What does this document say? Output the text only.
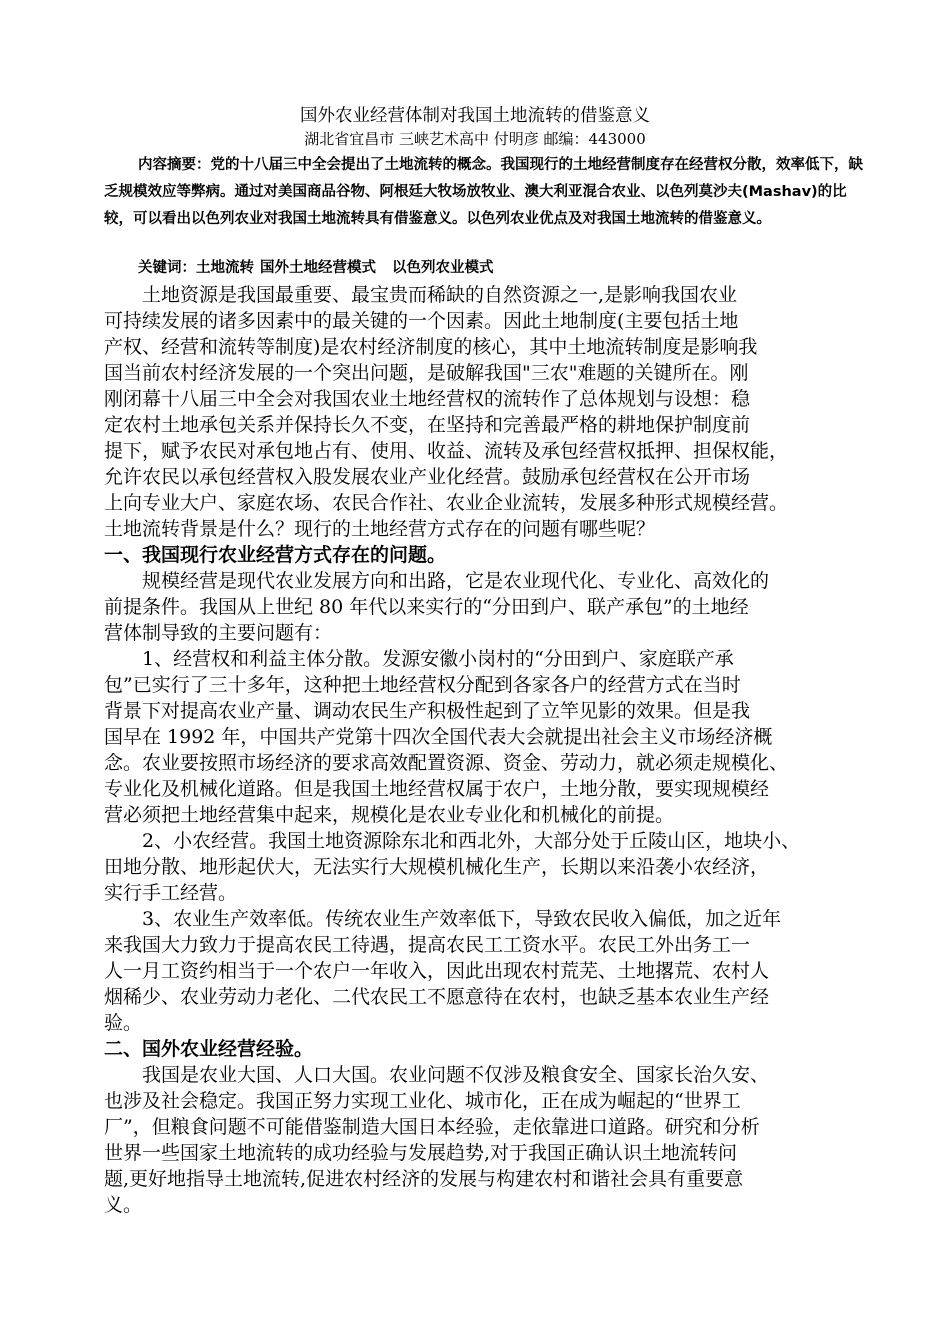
国外农业经营体制对我国土地流转的借鉴意义
湖北省宜昌市 三峡艺术高中 付明彦 邮编：443000
内容摘要：党的十八届三中全会提出了土地流转的概念。我国现行的土地经营制度存在经营权分散，效率低下，缺乏规模效应等弊病。通过对美国商品谷物、阿根廷大牧场放牧业、澳大利亚混合农业、以色列莫沙夫(Mashav)的比较，可以看出以色列农业对我国土地流转具有借鉴意义。以色列农业优点及对我国土地流转的借鉴意义。
关键词：土地流转 国外土地经营模式 以色列农业模式
　　土地资源是我国最重要、最宝贵而稀缺的自然资源之一,是影响我国农业
可持续发展的诸多因素中的最关键的一个因素。因此土地制度(主要包括土地
产权、经营和流转等制度)是农村经济制度的核心，其中土地流转制度是影响我
国当前农村经济发展的一个突出问题，是破解我国"三农"难题的关键所在。刚
刚闭幕十八届三中全会对我国农业土地经营权的流转作了总体规划与设想：稳
定农村土地承包关系并保持长久不变，在坚持和完善最严格的耕地保护制度前
提下，赋予农民对承包地占有、使用、收益、流转及承包经营权抵押、担保权能，
允许农民以承包经营权入股发展农业产业化经营。鼓励承包经营权在公开市场
上向专业大户、家庭农场、农民合作社、农业企业流转，发展多种形式规模经营。
土地流转背景是什么？现行的土地经营方式存在的问题有哪些呢？
一、我国现行农业经营方式存在的问题。
　　规模经营是现代农业发展方向和出路，它是农业现代化、专业化、高效化的
前提条件。我国从上世纪 80 年代以来实行的“分田到户、联产承包”的土地经
营体制导致的主要问题有：
　　1、经营权和利益主体分散。发源安徽小岗村的“分田到户、家庭联产承
包”已实行了三十多年，这种把土地经营权分配到各家各户的经营方式在当时
背景下对提高农业产量、调动农民生产积极性起到了立竿见影的效果。但是我
国早在 1992 年，中国共产党第十四次全国代表大会就提出社会主义市场经济概
念。农业要按照市场经济的要求高效配置资源、资金、劳动力，就必须走规模化、
专业化及机械化道路。但是我国土地经营权属于农户，土地分散，要实现规模经
营必须把土地经营集中起来，规模化是农业专业化和机械化的前提。
　　2、小农经营。我国土地资源除东北和西北外，大部分处于丘陵山区，地块小、
田地分散、地形起伏大，无法实行大规模机械化生产，长期以来沿袭小农经济，
实行手工经营。
　　3、农业生产效率低。传统农业生产效率低下，导致农民收入偏低，加之近年
来我国大力致力于提高农民工待遇，提高农民工工资水平。农民工外出务工一
人一月工资约相当于一个农户一年收入，因此出现农村荒芜、土地撂荒、农村人
烟稀少、农业劳动力老化、二代农民工不愿意待在农村，也缺乏基本农业生产经
验。
二、国外农业经营经验。
　　我国是农业大国、人口大国。农业问题不仅涉及粮食安全、国家长治久安、
也涉及社会稳定。我国正努力实现工业化、城市化，正在成为崛起的“世界工
厂”，但粮食问题不可能借鉴制造大国日本经验，走依靠进口道路。研究和分析
世界一些国家土地流转的成功经验与发展趋势,对于我国正确认识土地流转问
题,更好地指导土地流转,促进农村经济的发展与构建农村和谐社会具有重要意
义。
